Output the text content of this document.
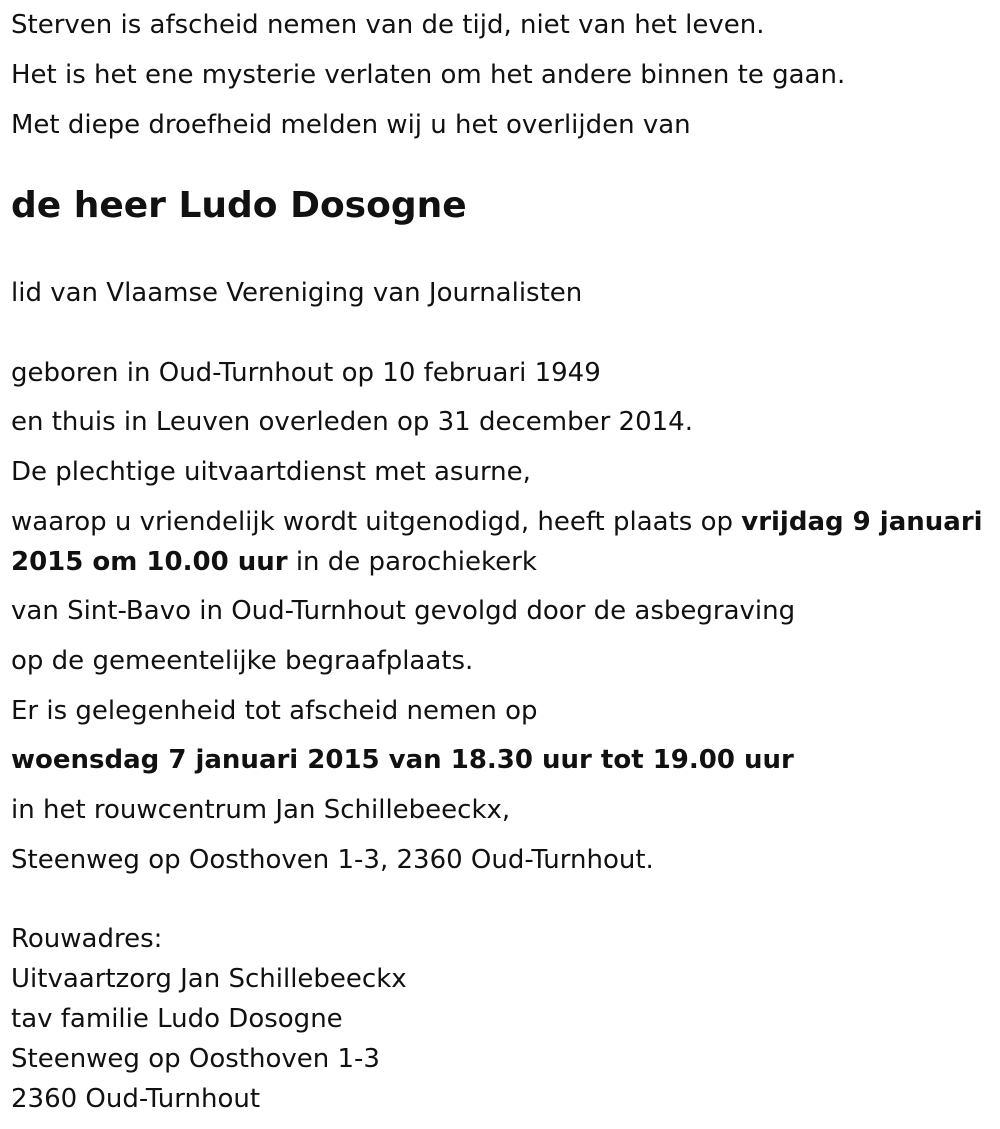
Sterven is afscheid nemen van de tijd, niet van het leven.
Het is het ene mysterie verlaten om het andere binnen te gaan.
Met diepe droefheid melden wij u het overlijden van
de heer Ludo Dosogne
lid van Vlaamse Vereniging van Journalisten
geboren in Oud-Turnhout op 10 februari 1949
en thuis in Leuven overleden op 31 december 2014.
De plechtige uitvaartdienst met asurne,
waarop u vriendelijk wordt uitgenodigd, heeft plaats op vrijdag 9 januari
2015 om 10.00 uur in de parochiekerk
van Sint-Bavo in Oud-Turnhout gevolgd door de asbegraving
op de gemeentelijke begraafplaats.
Er is gelegenheid tot afscheid nemen op
woensdag 7 januari 2015 van 18.30 uur tot 19.00 uur
in het rouwcentrum Jan Schillebeeckx,
Steenweg op Oosthoven 1-3, 2360 Oud-Turnhout.
Rouwadres:
Uitvaartzorg Jan Schillebeeckx
tav familie Ludo Dosogne
Steenweg op Oosthoven 1-3
2360 Oud-Turnhout
